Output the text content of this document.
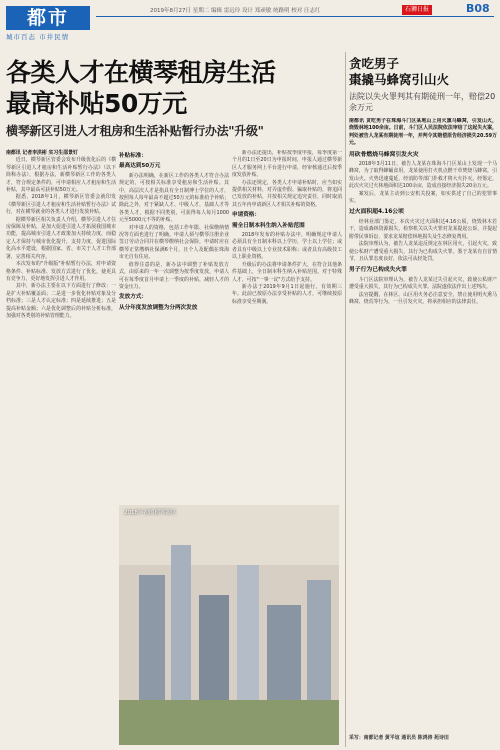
都市
城市百态 市井民情
2019年8月27日 星期二 编辑 雷远玲 设计 郑顽敏 统路明 校对 汪志红	石狮日报	B08
各类人才在横琴租房生活
最高补贴50万元
横琴新区引进人才租房和生活补贴暂行办法"升级"

南都讯 记者李洪彬 实习生邵景钉

近日，横琴新区管委会发布升级优化后的《横琴新区引进人才租房和生活补贴暂行办法》（以下简称办法），根据办法，新横琴新区工作的各类人才，符合规定条件的，可申请相应人才租房和生活补贴，其中最高可获补贴50万元。

据悉，2018年1月，横琴新区管委会就印发《横琴新区引进人才租房和生活补贴暂行办法》试行，对在横琴就业的各类人才进行发放补贴。

据横琴新区相关负责人介绍，横琴引进人才住房保障及补贴，是加大促进引进人才拓展我国城市功能，提高城市引进人才政策加大持续力度，而稳定人才保持与城市优化提升，支持力度，促进国际化高水平建设，根据国家、省、市关于人才工作部署，完善相关内容。

本次发布的"升级版"补贴暂行办法，对申请资格条件、补贴标准、发放方式进行了优化，使更具有竞争力，更好地发挥引进人才作用。

其中，新办法主要在以下方面进行了修改：一是扩大补贴覆盖面；二是进一步优化补贴对象及分档标准；三是人才认定标准；四是延续推进；五是提高补贴金额；六是优化调整后的补贴分析标准，加强对各类别的补贴管理能力。

补贴标准：
最高达到50万元

新办法明确，在新区工作的各类人才符合办法规定的，可按相关标准享受租房和生活补贴。其中，高层次人才是指具有全日制博士学位的人才，按照每人每年最高不超过50万元的标准给予补贴；除此之外，对于紧缺人才、中级人才，基础人才等各类人才，根据不同类别，可获得每人每月1000元至5000元不等的补贴。

对申请人的资格，包括工作年限、社保缴纳情况等方面也进行了明确。申请人须与横琴注册企业签订劳动合同并在横琴缴纳社会保险，申请时应在横琴正常缴纳社保满6个月，且个人及配偶在珠海市无自有住房。

值得注意的是，新办法中调整了补贴发放方式，由原来的一年一次调整为按季度发放，申请人可在每季度首月申请上一季度的补贴，减轻人才的资金压力。

发放方式：
从分年度发放调整为分两次发放

新办法还提出，补贴按季度申报，每季度第一个月的1日至20日为申报时间，申报人通过横琴新区人才服务网上平台进行申请，经审核通过后按季度发放补贴。

办法还规定，各类人才申请补贴时，应当如实提供相关材料，对弄虚作假、骗取补贴的，将追回已发放的补贴，并按相关规定追究责任，同时取消其五年内申请新区人才相关补贴的资格。

申请资格：
需全日制本科生纳入补贴范围

2018年发布的补贴办法中，明确规定申请人必须具有全日制本科以上学历，学士以上学位；或者具有中级以上专业技术职称；或者具有高级技工以上职业资格。

升级后的办法将申请条件扩大，在符合其他条件基础上，全日制本科生纳入补贴范围。对于特殊人才，可按"一事一议"方式给予支持。

新办法于2019年9月1日起施行，有效期三年。此前已按原办法享受补贴的人才，可继续按原标准享受至期满。

2018年初的横琴新区
贪吃男子
棗撬马蜂窝引山火
法院以失火罪判其有期徒刑一年，赔偿20余万元

南都讯 贪吃男子在珠海斗门区某地山上用火熏马蜂窝，引发山火，烧毁林地100余亩。日前，斗门区人民法院依法审结了这起失火案，判处被告人龙某有期徒刑一年，并判令其赔偿原告经济损失20.59万元。

用砍骨燃烧马蜂窝引发火灾

2018年3月11日，被告人龙某在珠海斗门区某山上发现一个马蜂窝，为了取得蜂蛹食用，龙某使用打火机点燃干草焚烧马蜂窝，引发山火。火势迅速蔓延，经消防等部门扑救才将大火扑灭。经鉴定，此次火灾过火林地面积达100余亩，造成直接经济损失20余万元。

案发后，龙某主动到公安机关投案，如实供述了自己的犯罪事实。

过火面积超4.16公顷

经林业部门鉴定，本次火灾过火面积达4.16公顷，烧毁林木若干，造成森林资源损失。检察机关以失火罪对龙某提起公诉，并提起附带民事诉讼，要求龙某赔偿林地损失及生态修复费用。

法院审理认为，被告人龙某违反规定在林区用火，引起火灾，致使公私财产遭受重大损失，其行为已构成失火罪。鉴于龙某有自首情节，且认罪态度良好，依法可从轻处罚。

男子行为已构成失火罪

斗门区法院审理认为，被告人龙某过失引起火灾，致使公私财产遭受重大损失，其行为已构成失火罪。法院遂依法作出上述判决。

法官提醒，在林区、山区用火务必注意安全，禁止使用明火熏马蜂窝、烧荒等行为，一旦引发火灾，将承担相应的法律责任。

采写：南都记者 黄平谊 通讯员 陈鸿涛 苑诗田
